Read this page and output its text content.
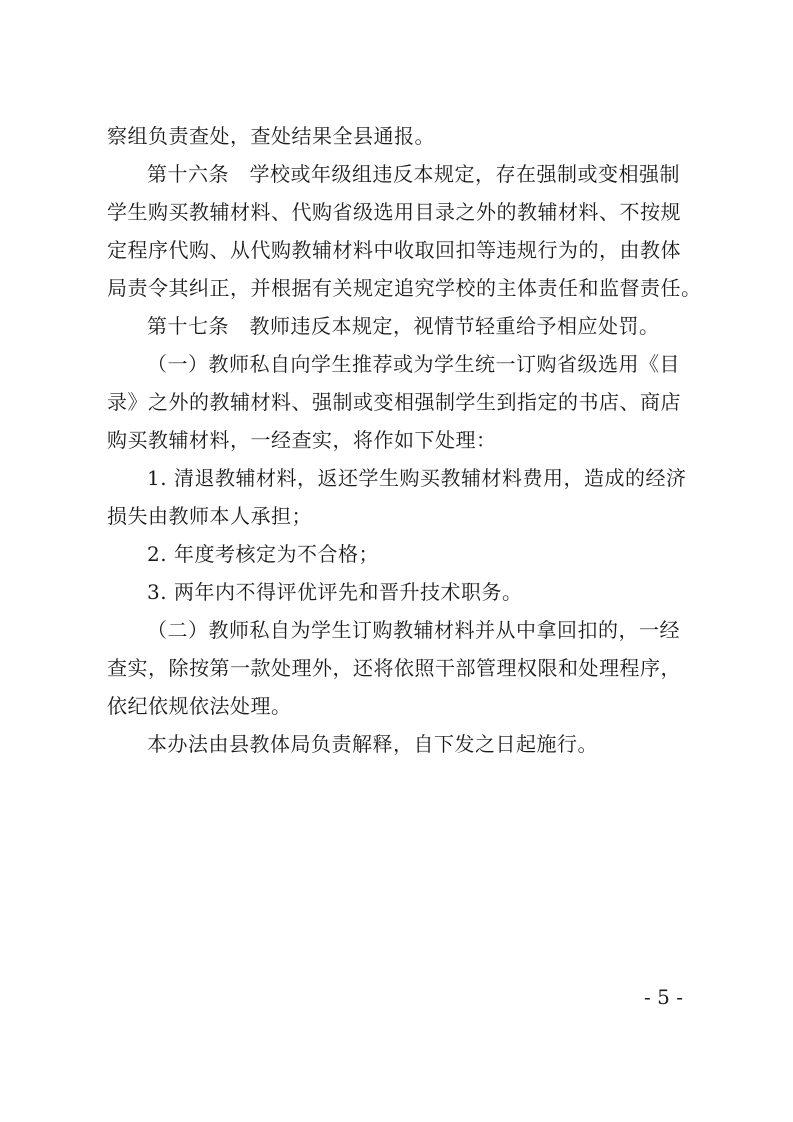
察组负责查处，查处结果全县通报。
第十六条　学校或年级组违反本规定，存在强制或变相强制
学生购买教辅材料、代购省级选用目录之外的教辅材料、不按规
定程序代购、从代购教辅材料中收取回扣等违规行为的，由教体
局责令其纠正，并根据有关规定追究学校的主体责任和监督责任。
第十七条　教师违反本规定，视情节轻重给予相应处罚。
（一）教师私自向学生推荐或为学生统一订购省级选用《目
录》之外的教辅材料、强制或变相强制学生到指定的书店、商店
购买教辅材料，一经查实，将作如下处理：
1. 清退教辅材料，返还学生购买教辅材料费用，造成的经济
损失由教师本人承担；
2. 年度考核定为不合格；
3. 两年内不得评优评先和晋升技术职务。
（二）教师私自为学生订购教辅材料并从中拿回扣的，一经
查实，除按第一款处理外，还将依照干部管理权限和处理程序，
依纪依规依法处理。
本办法由县教体局负责解释，自下发之日起施行。
- 5 -
